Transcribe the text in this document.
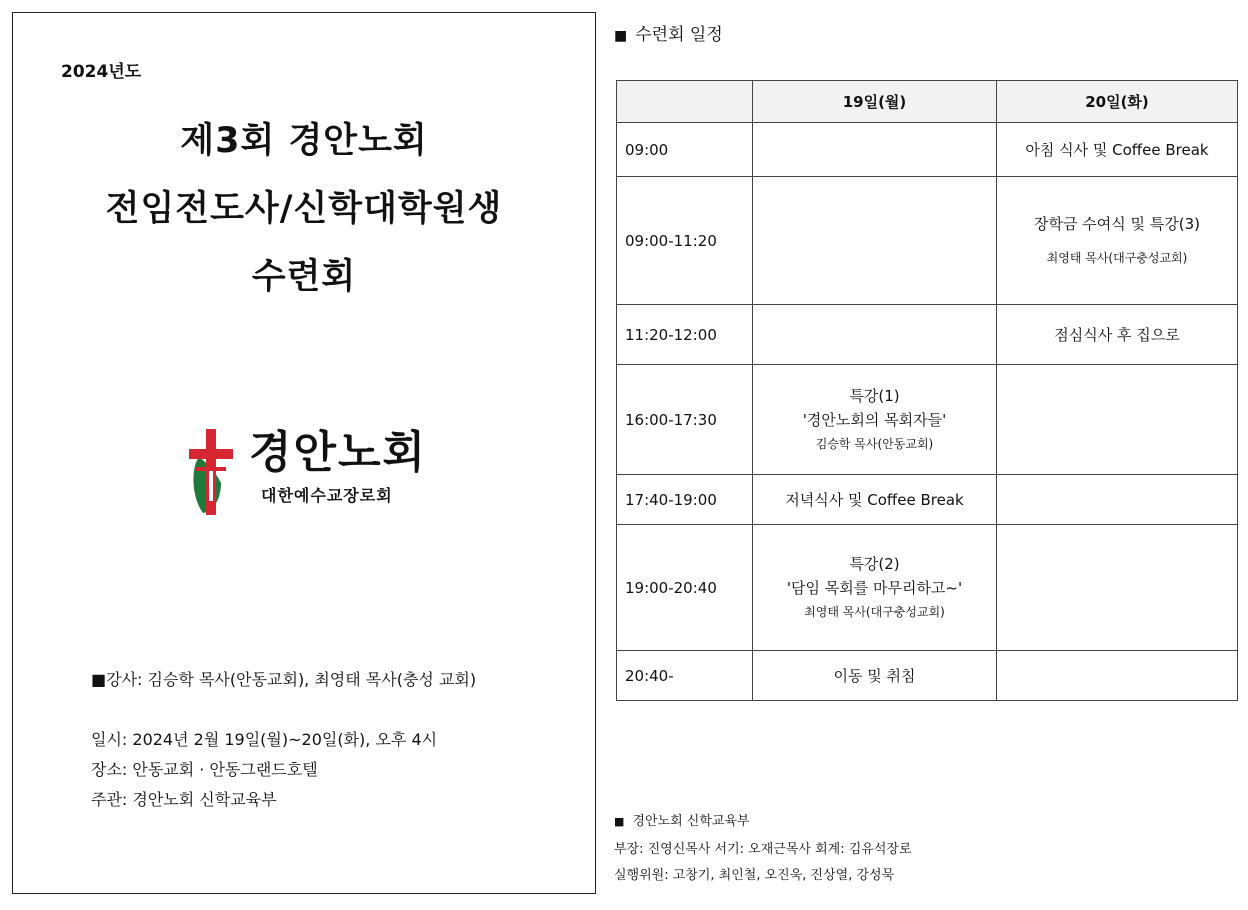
2024년도
제3회 경안노회
전임전도사/신학대학원생
수련회
경안노회
대한예수교장로회
■강사: 김승학 목사(안동교회), 최영태 목사(충성 교회)
일시: 2024년 2월 19일(월)~20일(화), 오후 4시
장소: 안동교회 · 안동그랜드호텔
주관: 경안노회 신학교육부
■ 수련회 일정
	19일(월)	20일(화)
09:00		아침 식사 및 Coffee Break

09:00-11:20		장학금 수여식 및 특강(3)
최영태 목사(대구충성교회)

11:20-12:00		점심식사 후 집으로

16:00-17:30	특강(1)
'경안노회의 목회자들'
김승학 목사(안동교회)	

17:40-19:00	저녁식사 및 Coffee Break	

19:00-20:40	특강(2)
'담임 목회를 마무리하고~'
최영태 목사(대구충성교회)	

20:40-	이동 및 취침	

■ 경안노회 신학교육부
부장: 진영신목사 서기: 오재근목사 회계: 김유석장로
실행위원: 고창기, 최인철, 오진욱, 진상열, 강성묵
